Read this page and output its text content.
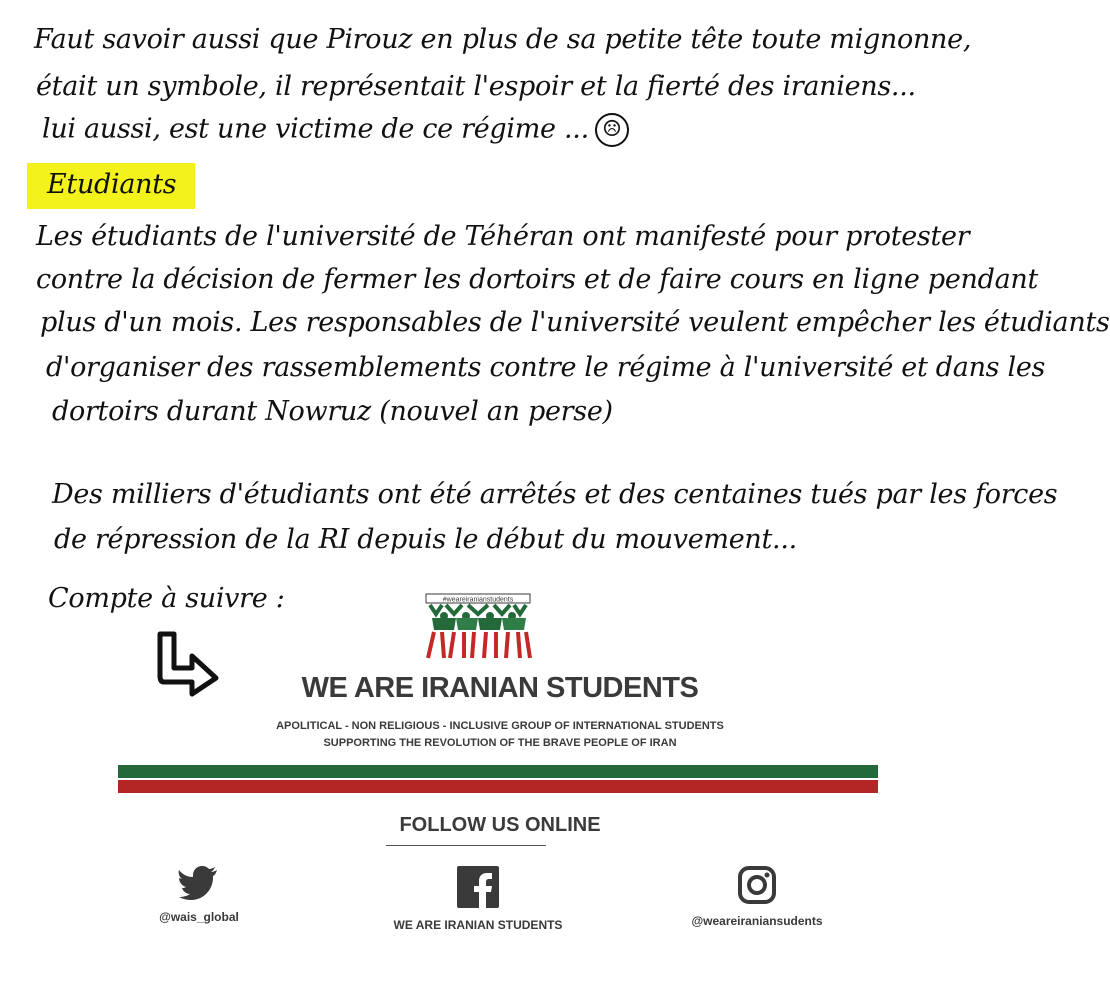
Faut savoir aussi que Pirouz en plus de sa petite tête toute mignonne,
était un symbole, il représentait l'espoir et la fierté des iraniens...
lui aussi, est une victime de ce régime ... ☹
Etudiants
Les étudiants de l'université de Téhéran ont manifesté pour protester
contre la décision de fermer les dortoirs et de faire cours en ligne pendant
plus d'un mois. Les responsables de l'université veulent empêcher les étudiants
d'organiser des rassemblements contre le régime à l'université et dans les
dortoirs durant Nowruz (nouvel an perse)
Des milliers d'étudiants ont été arrêtés et des centaines tués par les forces
de répression de la RI depuis le début du mouvement...
Compte à suivre :	#weareiranianstudents
WE ARE IRANIAN STUDENTS
APOLITICAL - NON RELIGIOUS - INCLUSIVE GROUP OF INTERNATIONAL STUDENTS
SUPPORTING THE REVOLUTION OF THE BRAVE PEOPLE OF IRAN
FOLLOW US ONLINE
@wais_global
WE ARE IRANIAN STUDENTS	@weareiraniansudents
